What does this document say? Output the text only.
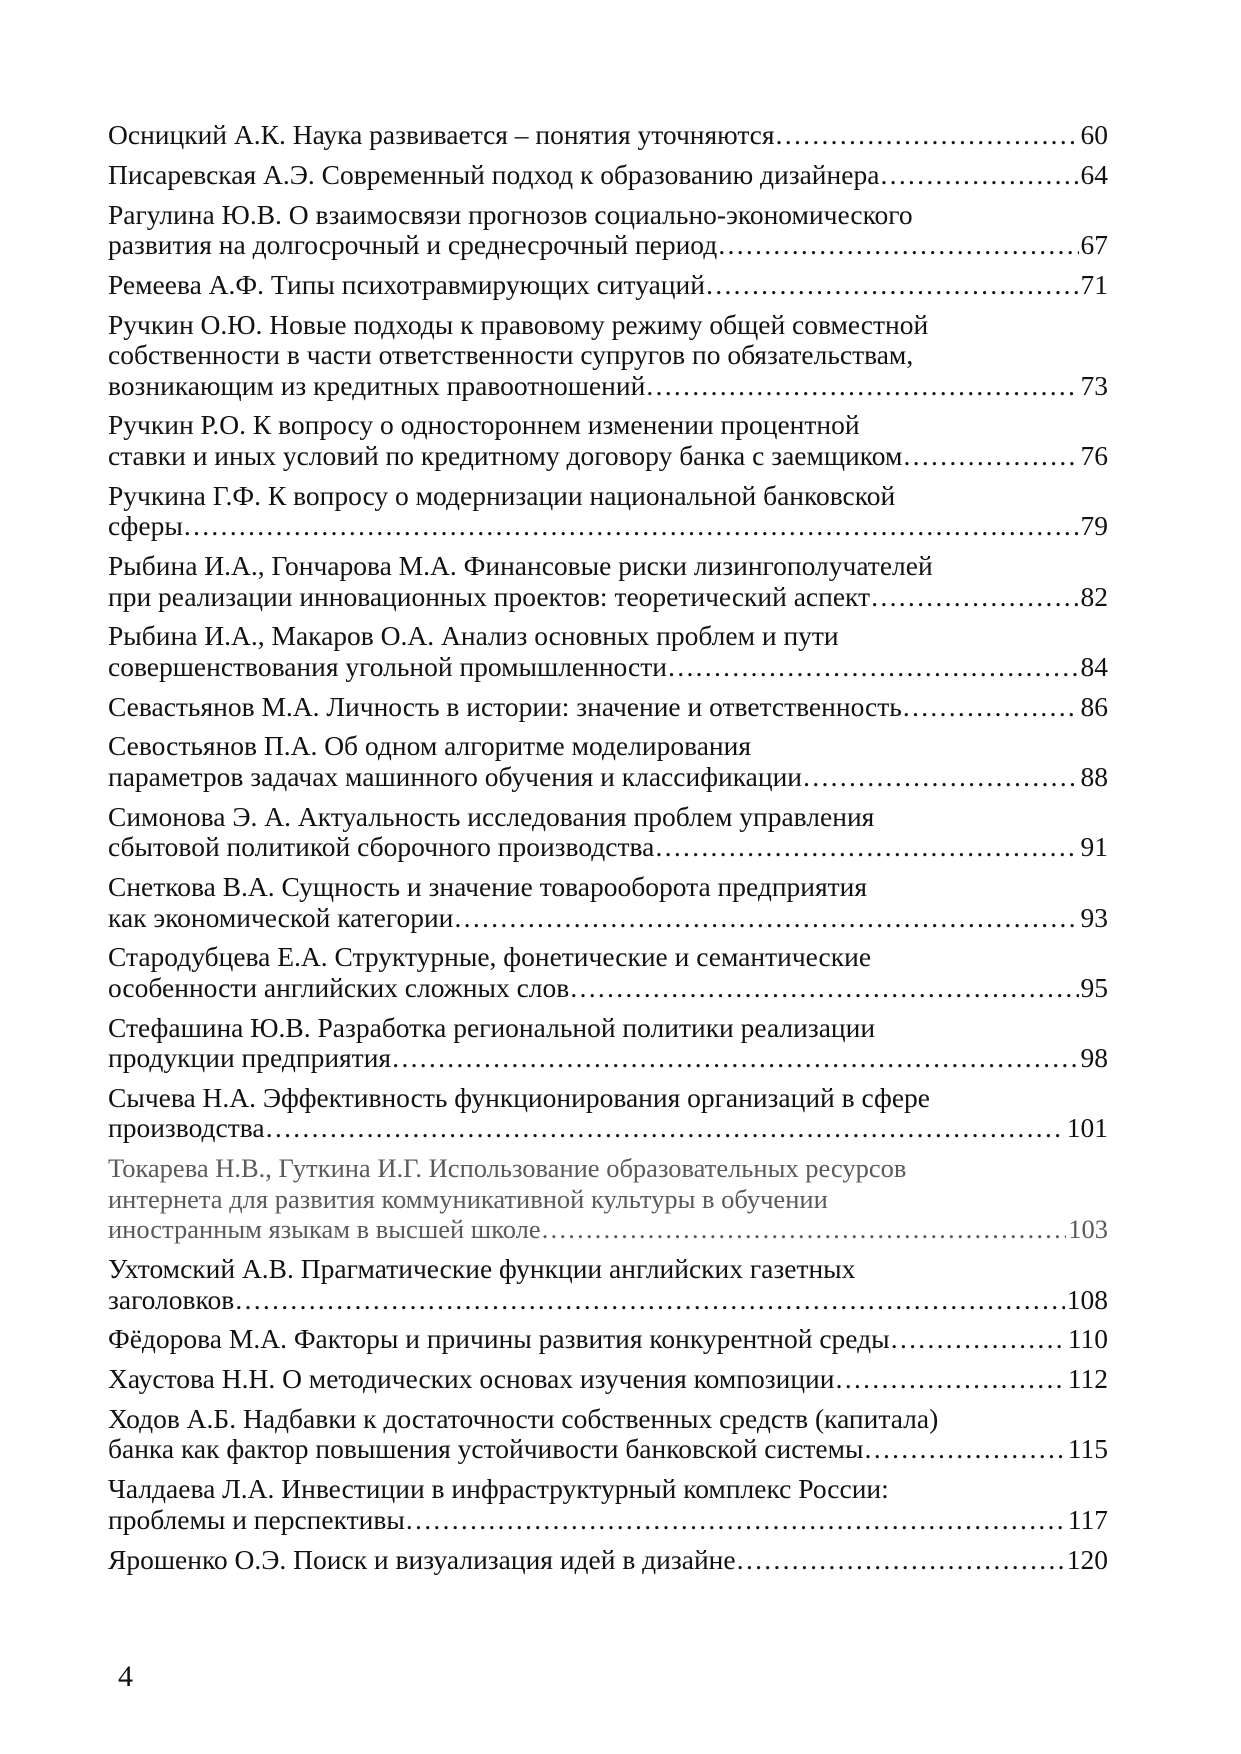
Осницкий А.К. Наука развивается – понятия уточняются ……………………………………………………………………………………………………………………………………………………………………………………	60
Писаревская А.Э. Современный подход к образованию дизайнера ……………………………………………………………………………………………………………………………………………………………………………………	64
Рагулина Ю.В. О взаимосвязи прогнозов социально-экономического
развития на долгосрочный и среднесрочный период ……………………………………………………………………………………………………………………………………………………………………………………	67
Ремеева А.Ф. Типы психотравмирующих ситуаций ……………………………………………………………………………………………………………………………………………………………………………………	71
Ручкин О.Ю. Новые подходы к правовому режиму общей совместной
собственности в части ответственности супругов по обязательствам,
возникающим из кредитных правоотношений ……………………………………………………………………………………………………………………………………………………………………………………	73
Ручкин Р.О. К вопросу о одностороннем изменении процентной
ставки и иных условий по кредитному договору банка с заемщиком ……………………………………………………………………………………………………………………………………………………………………………………	76
Ручкина Г.Ф. К вопросу о модернизации национальной банковской
сферы ……………………………………………………………………………………………………………………………………………………………………………………	79
Рыбина И.А., Гончарова М.А. Финансовые риски лизингополучателей
при реализации инновационных проектов: теоретический аспект ……………………………………………………………………………………………………………………………………………………………………………………	82
Рыбина И.А., Макаров О.А. Анализ основных проблем и пути
совершенствования угольной промышленности ……………………………………………………………………………………………………………………………………………………………………………………	84
Севастьянов М.А. Личность в истории: значение и ответственность ……………………………………………………………………………………………………………………………………………………………………………………	86
Севостьянов П.А. Об одном алгоритме моделирования
параметров задачах машинного обучения и классификации ……………………………………………………………………………………………………………………………………………………………………………………	88
Симонова Э. А. Актуальность исследования проблем управления
сбытовой политикой сборочного производства ……………………………………………………………………………………………………………………………………………………………………………………	91
Снеткова В.А. Сущность и значение товарооборота предприятия
как экономической категории ……………………………………………………………………………………………………………………………………………………………………………………	93
Стародубцева Е.А. Структурные, фонетические и семантические
особенности английских сложных слов ……………………………………………………………………………………………………………………………………………………………………………………	95
Стефашина Ю.В. Разработка региональной политики реализации
продукции предприятия ……………………………………………………………………………………………………………………………………………………………………………………	98
Сычева Н.А. Эффективность функционирования организаций в сфере
производства ……………………………………………………………………………………………………………………………………………………………………………………	101
Токарева Н.В., Гуткина И.Г. Использование образовательных ресурсов
интернета для развития коммуникативной культуры в обучении
иностранным языкам в высшей школе ……………………………………………………………………………………………………………………………………………………………………………………	103
Ухтомский А.В. Прагматические функции английских газетных
заголовков ……………………………………………………………………………………………………………………………………………………………………………………	108
Фёдорова М.А. Факторы и причины развития конкурентной среды ……………………………………………………………………………………………………………………………………………………………………………………	110
Хаустова Н.Н. О методических основах изучения композиции ……………………………………………………………………………………………………………………………………………………………………………………	112
Ходов А.Б. Надбавки к достаточности собственных средств (капитала)
банка как фактор повышения устойчивости банковской системы ……………………………………………………………………………………………………………………………………………………………………………………	115
Чалдаева Л.А. Инвестиции в инфраструктурный комплекс России:
проблемы и перспективы ……………………………………………………………………………………………………………………………………………………………………………………	117
Ярошенко О.Э. Поиск и визуализация идей в дизайне ……………………………………………………………………………………………………………………………………………………………………………………	120
4
